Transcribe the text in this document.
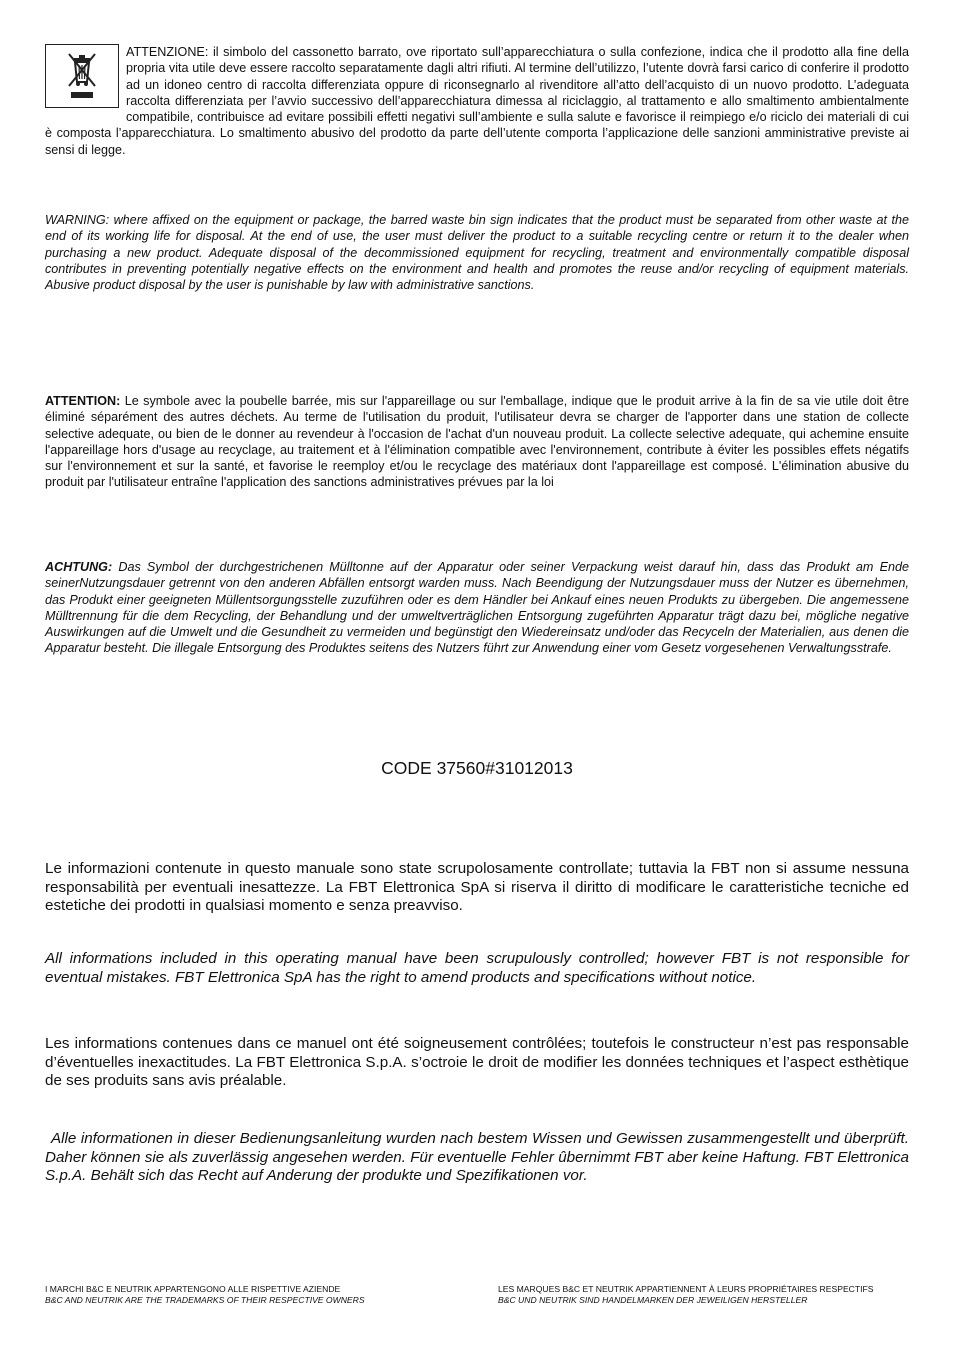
ATTENZIONE: il simbolo del cassonetto barrato, ove riportato sull’apparecchiatura o sulla confezione, indica che il prodotto alla fine della propria vita utile deve essere raccolto separatamente dagli altri rifiuti. Al termine dell’utilizzo, l’utente dovrà farsi carico di conferire il prodotto ad un idoneo centro di raccolta differenziata oppure di riconsegnarlo al rivenditore all’atto dell’acquisto di un nuovo prodotto. L’adeguata raccolta differenziata per l’avvio successivo dell’apparecchiatura dimessa al riciclaggio, al trattamento e allo smaltimento ambientalmente compatibile, contribuisce ad evitare possibili effetti negativi sull’ambiente e sulla salute e favorisce il reimpiego e/o riciclo dei materiali di cui è composta l’apparecchiatura. Lo smaltimento abusivo del prodotto da parte dell’utente comporta l’applicazione delle sanzioni amministrative previste ai sensi di legge.
WARNING: where affixed on the equipment or package, the barred waste bin sign indicates that the product must be separated from other waste at the end of its working life for disposal. At the end of use, the user must deliver the product to a suitable recycling centre or return it to the dealer when purchasing a new product. Adequate disposal of the decommissioned equipment for recycling, treatment and environmentally compatible disposal contributes in preventing potentially negative effects on the environment and health and promotes the reuse and/or recycling of equipment materials. Abusive product disposal by the user is punishable by law with administrative sanctions.
ATTENTION: Le symbole avec la poubelle barrée, mis sur l'appareillage ou sur l'emballage, indique que le produit arrive à la fin de sa vie utile doit être éliminé séparément des autres déchets. Au terme de l'utilisation du produit, l'utilisateur devra se charger de l'apporter dans une station de collecte selective adequate, ou bien de le donner au revendeur à l'occasion de l'achat d'un nouveau produit. La collecte selective adequate, qui achemine ensuite l'appareillage hors d'usage au recyclage, au traitement et à l'élimination compatible avec l'environnement, contribute à éviter les possibles effets négatifs sur l'environnement et sur la santé, et favorise le reemploy et/ou le recyclage des matériaux dont l'appareillage est composé. L'élimination abusive du produit par l'utilisateur entraîne l'application des sanctions administratives prévues par la loi
ACHTUNG: Das Symbol der durchgestrichenen Mülltonne auf der Apparatur oder seiner Verpackung weist darauf hin, dass das Produkt am Ende seinerNutzungsdauer getrennt von den anderen Abfällen entsorgt warden muss. Nach Beendigung der Nutzungsdauer muss der Nutzer es übernehmen, das Produkt einer geeigneten Müllentsorgungsstelle zuzuführen oder es dem Händler bei Ankauf eines neuen Produkts zu übergeben. Die angemessene Mülltrennung für die dem Recycling, der Behandlung und der umweltverträglichen Entsorgung zugeführten Apparatur trägt dazu bei, mögliche negative Auswirkungen auf die Umwelt und die Gesundheit zu vermeiden und begünstigt den Wiedereinsatz und/oder das Recyceln der Materialien, aus denen die Apparatur besteht. Die illegale Entsorgung des Produktes seitens des Nutzers führt zur Anwendung einer vom Gesetz vorgesehenen Verwaltungsstrafe.
CODE 37560#31012013
Le informazioni contenute in questo manuale sono state scrupolosamente controllate; tuttavia la FBT non si assume nessuna responsabilità per eventuali inesattezze. La FBT Elettronica SpA si riserva il diritto di modificare le caratteristiche tecniche ed estetiche dei prodotti in qualsiasi momento e senza preavviso.
All informations included in this operating manual have been scrupulously controlled; however FBT is not responsible for eventual mistakes. FBT Elettronica SpA has the right to amend products and specifications without notice.
Les informations contenues dans ce manuel ont été soigneusement contrôlées; toutefois le constructeur n’est pas responsable d’éventuelles inexactitudes. La FBT Elettronica S.p.A. s’octroie le droit de modifier les données techniques et l’aspect esthètique de ses produits sans avis préalable.
Alle informationen in dieser Bedienungsanleitung wurden nach bestem Wissen und Gewissen zusammengestellt und überprüft. Daher können sie als zuverlässig angesehen werden. Für eventuelle Fehler ûbernimmt FBT aber keine Haftung. FBT Elettronica S.p.A. Behält sich das Recht auf Anderung der produkte und Spezifikationen vor.
I MARCHI B&C E NEUTRIK APPARTENGONO ALLE RISPETTIVE AZIENDE
B&C AND NEUTRIK ARE THE TRADEMARKS OF THEIR RESPECTIVE OWNERS
LES MARQUES B&C ET NEUTRIK APPARTIENNENT À LEURS PROPRIÉTAIRES RESPECTIFS
B&C UND NEUTRIK SIND HANDELMARKEN DER JEWEILIGEN HERSTELLER
